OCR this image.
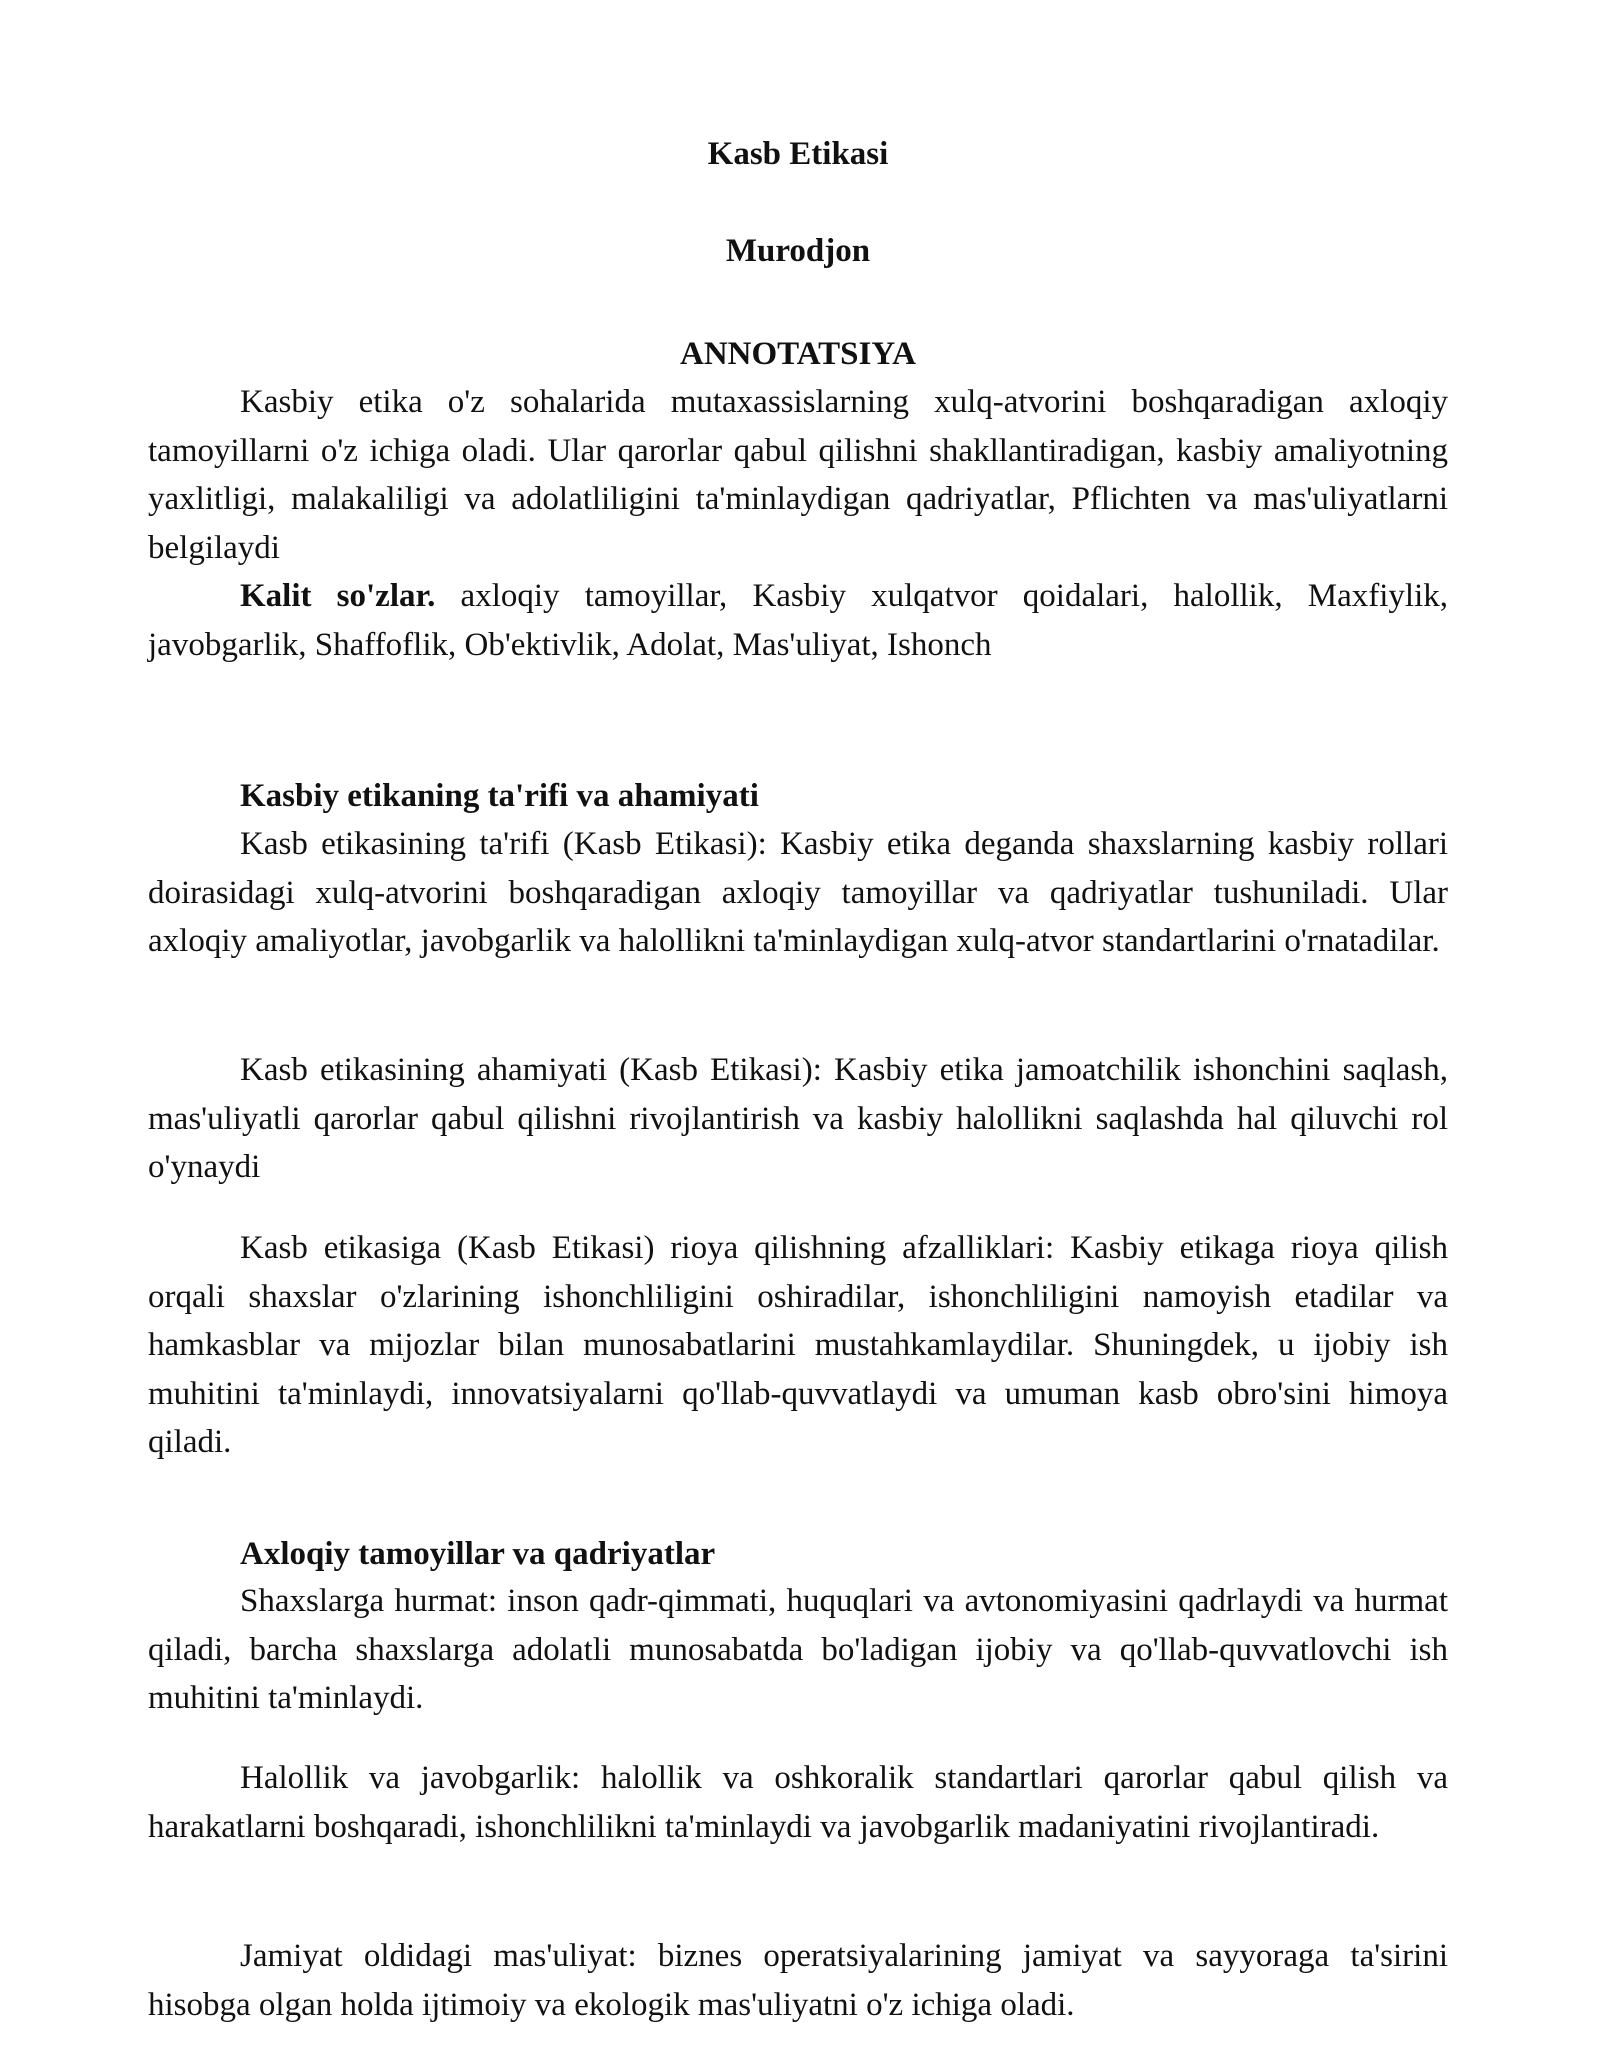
Kasb Etikasi
Murodjon
ANNOTATSIYA

Kasbiy etika o'z sohalarida mutaxassislarning xulq-atvorini boshqaradigan axloqiy tamoyillarni o'z ichiga oladi. Ular qarorlar qabul qilishni shakllantiradigan, kasbiy amaliyotning yaxlitligi, malakaliligi va adolatliligini ta'minlaydigan qadriyatlar, Pflichten va mas'uliyatlarni belgilaydi

Kalit so'zlar. axloqiy tamoyillar, Kasbiy xulqatvor qoidalari, halollik, Maxfiylik, javobgarlik, Shaffoflik, Ob'ektivlik, Adolat, Mas'uliyat, Ishonch

Kasbiy etikaning ta'rifi va ahamiyati

Kasb etikasining ta'rifi (Kasb Etikasi): Kasbiy etika deganda shaxslarning kasbiy rollari doirasidagi xulq-atvorini boshqaradigan axloqiy tamoyillar va qadriyatlar tushuniladi. Ular axloqiy amaliyotlar, javobgarlik va halollikni ta'minlaydigan xulq-atvor standartlarini o'rnatadilar.

Kasb etikasining ahamiyati (Kasb Etikasi): Kasbiy etika jamoatchilik ishonchini saqlash, mas'uliyatli qarorlar qabul qilishni rivojlantirish va kasbiy halollikni saqlashda hal qiluvchi rol o'ynaydi

Kasb etikasiga (Kasb Etikasi) rioya qilishning afzalliklari: Kasbiy etikaga rioya qilish orqali shaxslar o'zlarining ishonchliligini oshiradilar, ishonchliligini namoyish etadilar va hamkasblar va mijozlar bilan munosabatlarini mustahkamlaydilar. Shuningdek, u ijobiy ish muhitini ta'minlaydi, innovatsiyalarni qo'llab-quvvatlaydi va umuman kasb obro'sini himoya qiladi.

Axloqiy tamoyillar va qadriyatlar

Shaxslarga hurmat: inson qadr-qimmati, huquqlari va avtonomiyasini qadrlaydi va hurmat qiladi, barcha shaxslarga adolatli munosabatda bo'ladigan ijobiy va qo'llab-quvvatlovchi ish muhitini ta'minlaydi.

Halollik va javobgarlik: halollik va oshkoralik standartlari qarorlar qabul qilish va harakatlarni boshqaradi, ishonchlilikni ta'minlaydi va javobgarlik madaniyatini rivojlantiradi.

Jamiyat oldidagi mas'uliyat: biznes operatsiyalarining jamiyat va sayyoraga ta'sirini hisobga olgan holda ijtimoiy va ekologik mas'uliyatni o'z ichiga oladi.
